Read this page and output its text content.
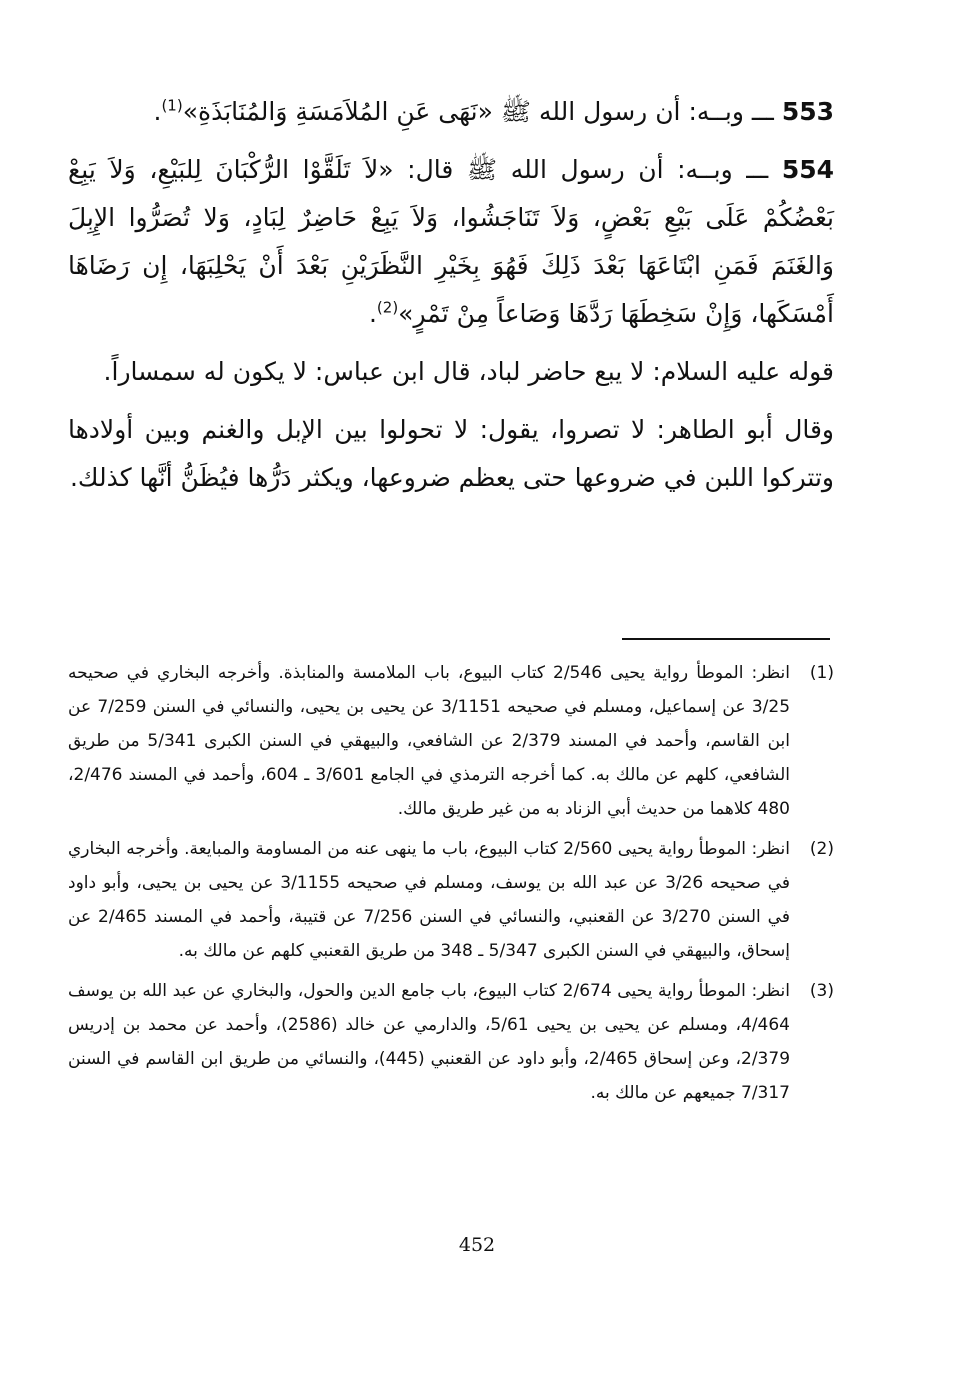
553 ـــ وبــه: أن رسول الله ﷺ «نَهَى عَنِ المُلاَمَسَةِ وَالمُنَابَذَةِ»$^{(1)}$.

554 ـــ وبــه: أن رسول الله ﷺ قال: «لاَ تَلَقَّوْا الرُّكْبَانَ لِلبَيْعِ، وَلاَ يَبِعْ بَعْضُكُمْ عَلَى بَيْعِ بَعْضٍ، وَلاَ تَنَاجَشُوا، وَلاَ يَبِعْ حَاضِرٌ لِبَادٍ، وَلا تُصَرُّوا الإِبِلَ وَالغَنَمَ فَمَنِ ابْتَاعَهَا بَعْدَ ذَلِكَ فَهُوَ بِخَيْرِ النَّظَرَيْنِ بَعْدَ أَنْ يَحْلِبَهَا، إِن رَضَاهَا أَمْسَكَها، وَإِنْ سَخِطَهَا رَدَّهَا وَصَاعاً مِنْ تَمْرٍ»$^{(2)}$.

قوله عليه السلام: لا يبع حاضر لباد، قال ابن عباس: لا يكون له سمساراً.

وقال أبو الطاهر: لا تصروا، يقول: لا تحولوا بين الإبل والغنم وبين أولادها وتتركوا اللبن في ضروعها حتى يعظم ضروعها، ويكثر دَرُّها فيُظَنُّ أنَّها كذلك.

(1)
انظر: الموطأ رواية يحيى 2/546 كتاب البيوع، باب الملامسة والمنابذة. وأخرجه البخاري في صحيحه 3/25 عن إسماعيل، ومسلم في صحيحه 3/1151 عن يحيى بن يحيى، والنسائي في السنن 7/259 عن ابن القاسم، وأحمد في المسند 2/379 عن الشافعي، والبيهقي في السنن الكبرى 5/341 من طريق الشافعي، كلهم عن مالك به. كما أخرجه الترمذي في الجامع 3/601 ـ 604، وأحمد في المسند 2/476، 480 كلاهما من حديث أبي الزناد به من غير طريق مالك.
(2)
انظر: الموطأ رواية يحيى 2/560 كتاب البيوع، باب ما ينهى عنه من المساومة والمبايعة. وأخرجه البخاري في صحيحه 3/26 عن عبد الله بن يوسف، ومسلم في صحيحه 3/1155 عن يحيى بن يحيى، وأبو داود في السنن 3/270 عن القعنبي، والنسائي في السنن 7/256 عن قتيبة، وأحمد في المسند 2/465 عن إسحاق، والبيهقي في السنن الكبرى 5/347 ـ 348 من طريق القعنبي كلهم عن مالك به.
(3)
انظر: الموطأ رواية يحيى 2/674 كتاب البيوع، باب جامع الدين والحول، والبخاري عن عبد الله بن يوسف 4/464، ومسلم عن يحيى بن يحيى 5/61، والدارمي عن خالد (2586)، وأحمد عن محمد بن إدريس 2/379، وعن إسحاق 2/465، وأبو داود عن القعنبي (445)، والنسائي من طريق ابن القاسم في السنن 7/317 جميعهم عن مالك به.
452
